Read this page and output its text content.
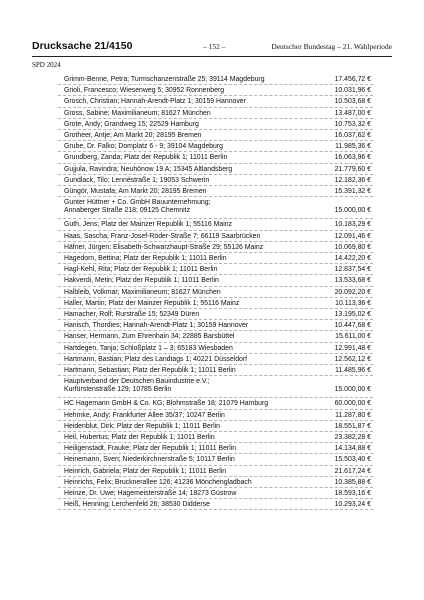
Drucksache 21/4150	– 152 –	Deutscher Bundestag – 21. Wahlperiode
SPD 2024
Grimm-Benne, Petra; Turmschanzenstraße 25; 39114 Magdeburg	17.456,72 €
Grioli, Francesco; Wiesenweg 5; 30952 Ronnenberg	10.031,96 €
Grosch, Christian; Hannah-Arendt-Platz 1; 30159 Hannover	10.503,68 €
Gross, Sabine; Maximilianeum; 81627 München	13.487,00 €
Grote, Andy; Grandweg 15; 22529 Hamburg	10.753,32 €
Grotheer, Antje; Am Markt 20; 28195 Bremen	16.037,62 €
Grube, Dr. Falko; Domplatz 6 - 9; 39104 Magdeburg	11.985,36 €
Grundberg, Zanda; Platz der Republik 1; 11011 Berlin	16.063,96 €
Gujjula, Ravindra; Neuhönow 19 A; 15345 Altlandsberg	21.779,60 €
Gundlack, Tilo; Lennéstraße 1; 19053 Schwerin	12.182,36 €
Güngör, Mustafa; Am Markt 20; 28195 Bremen	15.391,32 €
Gunter Hüttner + Co. GmbH Bauunternehmung;
Annaberger Straße 218; 09125 Chemnitz	15.000,00 €
Guth, Jens; Platz der Mainzer Republik 1; 55116 Mainz	10.183,29 €
Haas, Sascha; Franz-Josef-Röder-Straße 7; 66119 Saarbrücken	12.091,46 €
Häfner, Jürgen; Elisabeth-Schwarzhaupt-Straße 29; 55126 Mainz	10.069,80 €
Hagedorn, Bettina; Platz der Republik 1; 11011 Berlin	14.422,20 €
Hagl-Kehl, Rita; Platz der Republik 1; 11011 Berlin	12.837,54 €
Hakverdi, Metin; Platz der Republik 1; 11011 Berlin	13.533,68 €
Halbleib, Volkmar; Maximilianeum; 81627 München	20.092,20 €
Haller, Martin; Platz der Mainzer Republik 1; 55116 Mainz	10.113,36 €
Hamacher, Rolf; Rurstraße 15; 52349 Düren	13.195,02 €
Hanisch, Thordies; Hannah-Arendt-Platz 1; 30159 Hannover	10.447,68 €
Hanser, Hermann, Zum Ehrenhain 34; 22885 Barsbüttel	15.611,00 €
Hartdegen, Tanja; Schloßplatz 1 – 3; 65183 Wiesbaden	12.991,48 €
Hartmann, Bastian; Platz des Landtags 1; 40221 Düsseldorf	12.562,12 €
Hartmann, Sebastian; Platz der Republik 1; 11011 Berlin	11.485,96 €
Hauptverband der Deutschen Bauindustrie e.V.;
Kurfürstenstraße 129; 10785 Berlin	15.000,00 €
HC Hagemann GmbH & Co. KG; Blohmstraße 18; 21079 Hamburg	60.000,00 €
Hehmke, Andy; Frankfurter Allee 35/37; 10247 Berlin	11.287,80 €
Heidenblut, Dirk; Platz der Republik 1; 11011 Berlin	18.551,87 €
Heil, Hubertus; Platz der Republik 1; 11011 Berlin	23.382,28 €
Heiligenstadt, Frauke; Platz der Republik 1; 11011 Berlin	14.134,88 €
Heinemann, Sven; Niederkirchnerstraße 5; 10117 Berlin	15.503,40 €
Heinrich, Gabriela; Platz der Republik 1; 11011 Berlin	21.617,24 €
Heinrichs, Felix; Brucknerallee 126; 41236 Mönchengladbach	10.385,88 €
Heinze, Dr. Uwe; Hagemeisterstraße 14; 18273 Güstrow	18.593,16 €
Heiß, Henning; Lerchenfeld 26; 38530 Didderse	10.293,24 €
